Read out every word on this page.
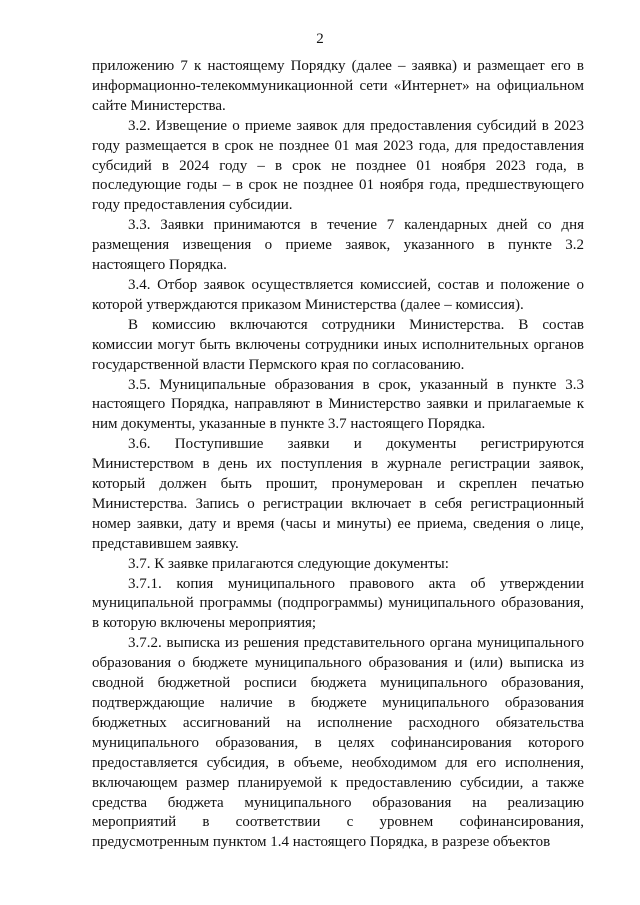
2

приложению 7 к настоящему Порядку (далее – заявка) и размещает его в информационно-телекоммуникационной сети «Интернет» на официальном сайте Министерства.

3.2. Извещение о приеме заявок для предоставления субсидий в 2023 году размещается в срок не позднее 01 мая 2023 года, для предоставления субсидий в 2024 году – в срок не позднее 01 ноября 2023 года, в последующие годы – в срок не позднее 01 ноября года, предшествующего году предоставления субсидии.

3.3. Заявки принимаются в течение 7 календарных дней со дня размещения извещения о приеме заявок, указанного в пункте 3.2 настоящего Порядка.

3.4. Отбор заявок осуществляется комиссией, состав и положение о которой утверждаются приказом Министерства (далее – комиссия).

В комиссию включаются сотрудники Министерства. В состав комиссии могут быть включены сотрудники иных исполнительных органов государственной власти Пермского края по согласованию.

3.5. Муниципальные образования в срок, указанный в пункте 3.3 настоящего Порядка, направляют в Министерство заявки и прилагаемые к ним документы, указанные в пункте 3.7 настоящего Порядка.

3.6. Поступившие заявки и документы регистрируются Министерством в день их поступления в журнале регистрации заявок, который должен быть прошит, пронумерован и скреплен печатью Министерства. Запись о регистрации включает в себя регистрационный номер заявки, дату и время (часы и минуты) ее приема, сведения о лице, представившем заявку.

3.7. К заявке прилагаются следующие документы:

3.7.1. копия муниципального правового акта об утверждении муниципальной программы (подпрограммы) муниципального образования, в которую включены мероприятия;

3.7.2. выписка из решения представительного органа муниципального образования о бюджете муниципального образования и (или) выписка из сводной бюджетной росписи бюджета муниципального образования, подтверждающие наличие в бюджете муниципального образования бюджетных ассигнований на исполнение расходного обязательства муниципального образования, в целях софинансирования которого предоставляется субсидия, в объеме, необходимом для его исполнения, включающем размер планируемой к предоставлению субсидии, а также средства бюджета муниципального образования на реализацию мероприятий в соответствии с уровнем софинансирования, предусмотренным пунктом 1.4 настоящего Порядка, в разрезе объектов
